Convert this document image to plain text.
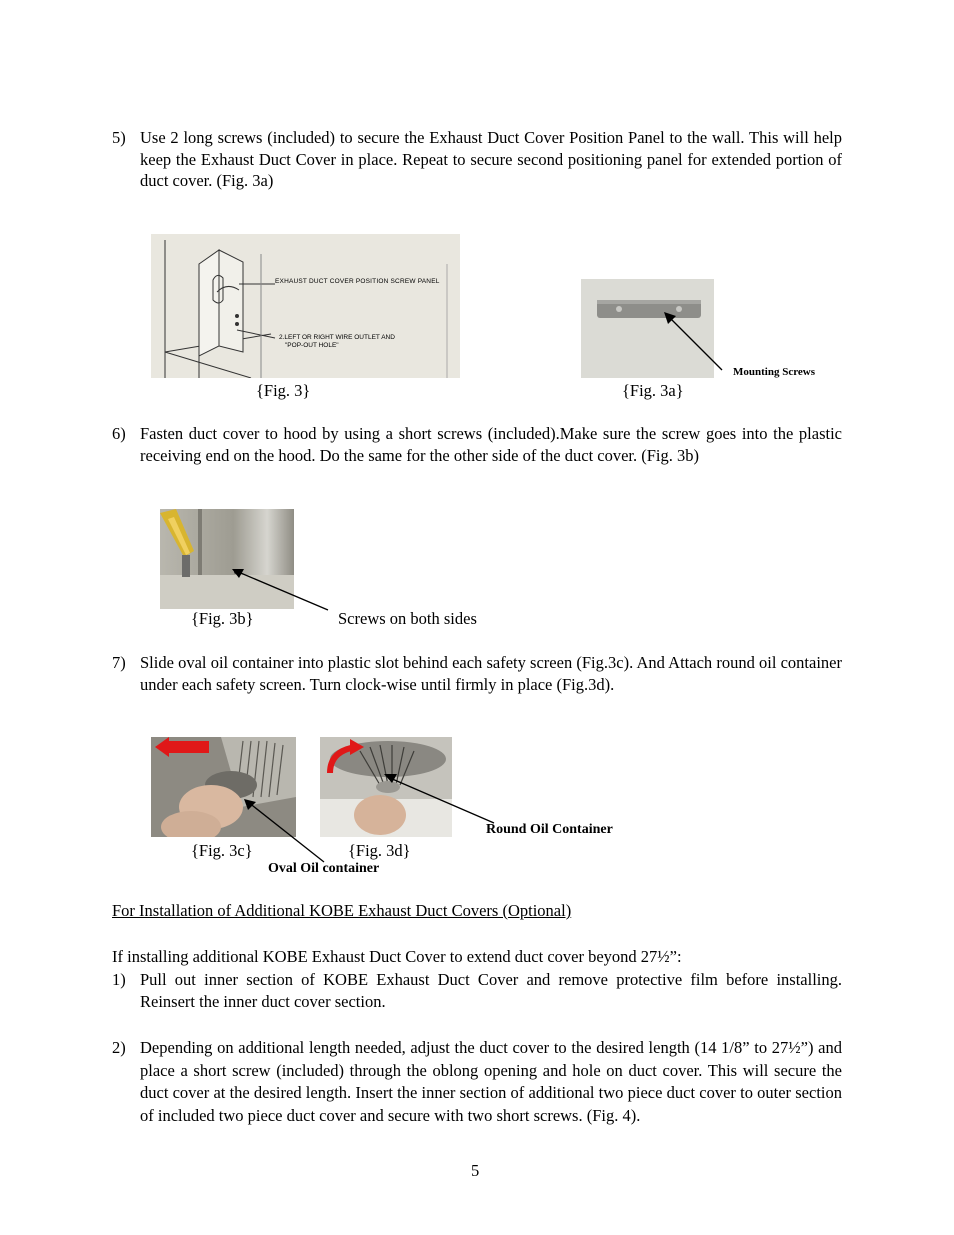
5) Use 2 long screws (included) to secure the Exhaust Duct Cover Position Panel to the wall. This will help keep the Exhaust Duct Cover in place. Repeat to secure second positioning panel for extended portion of duct cover. (Fig. 3a)
EXHAUST DUCT COVER POSITION SCREW PANEL
2.LEFT OR RIGHT WIRE OUTLET AND
"POP-OUT HOLE"
{Fig. 3}
Mounting Screws
{Fig. 3a}
6) Fasten duct cover to hood by using a short screws (included).Make sure the screw goes into the plastic receiving end on the hood. Do the same for the other side of the duct cover. (Fig. 3b)
{Fig. 3b}	Screws on both sides
7) Slide oval oil container into plastic slot behind each safety screen (Fig.3c). And Attach round oil container under each safety screen. Turn clock-wise until firmly in place (Fig.3d).
{Fig. 3c}
Round Oil Container
{Fig. 3d}
Oval Oil container
For Installation of Additional KOBE Exhaust Duct Covers (Optional)
If installing additional KOBE Exhaust Duct Cover to extend duct cover beyond 27½”:
1) Pull out inner section of KOBE Exhaust Duct Cover and remove protective film before installing. Reinsert the inner duct cover section.
2) Depending on additional length needed, adjust the duct cover to the desired length (14 1/8” to 27½”) and place a short screw (included) through the oblong opening and hole on duct cover. This will secure the duct cover at the desired length. Insert the inner section of additional two piece duct cover to outer section of included two piece duct cover and secure with two short screws. (Fig. 4).
5
